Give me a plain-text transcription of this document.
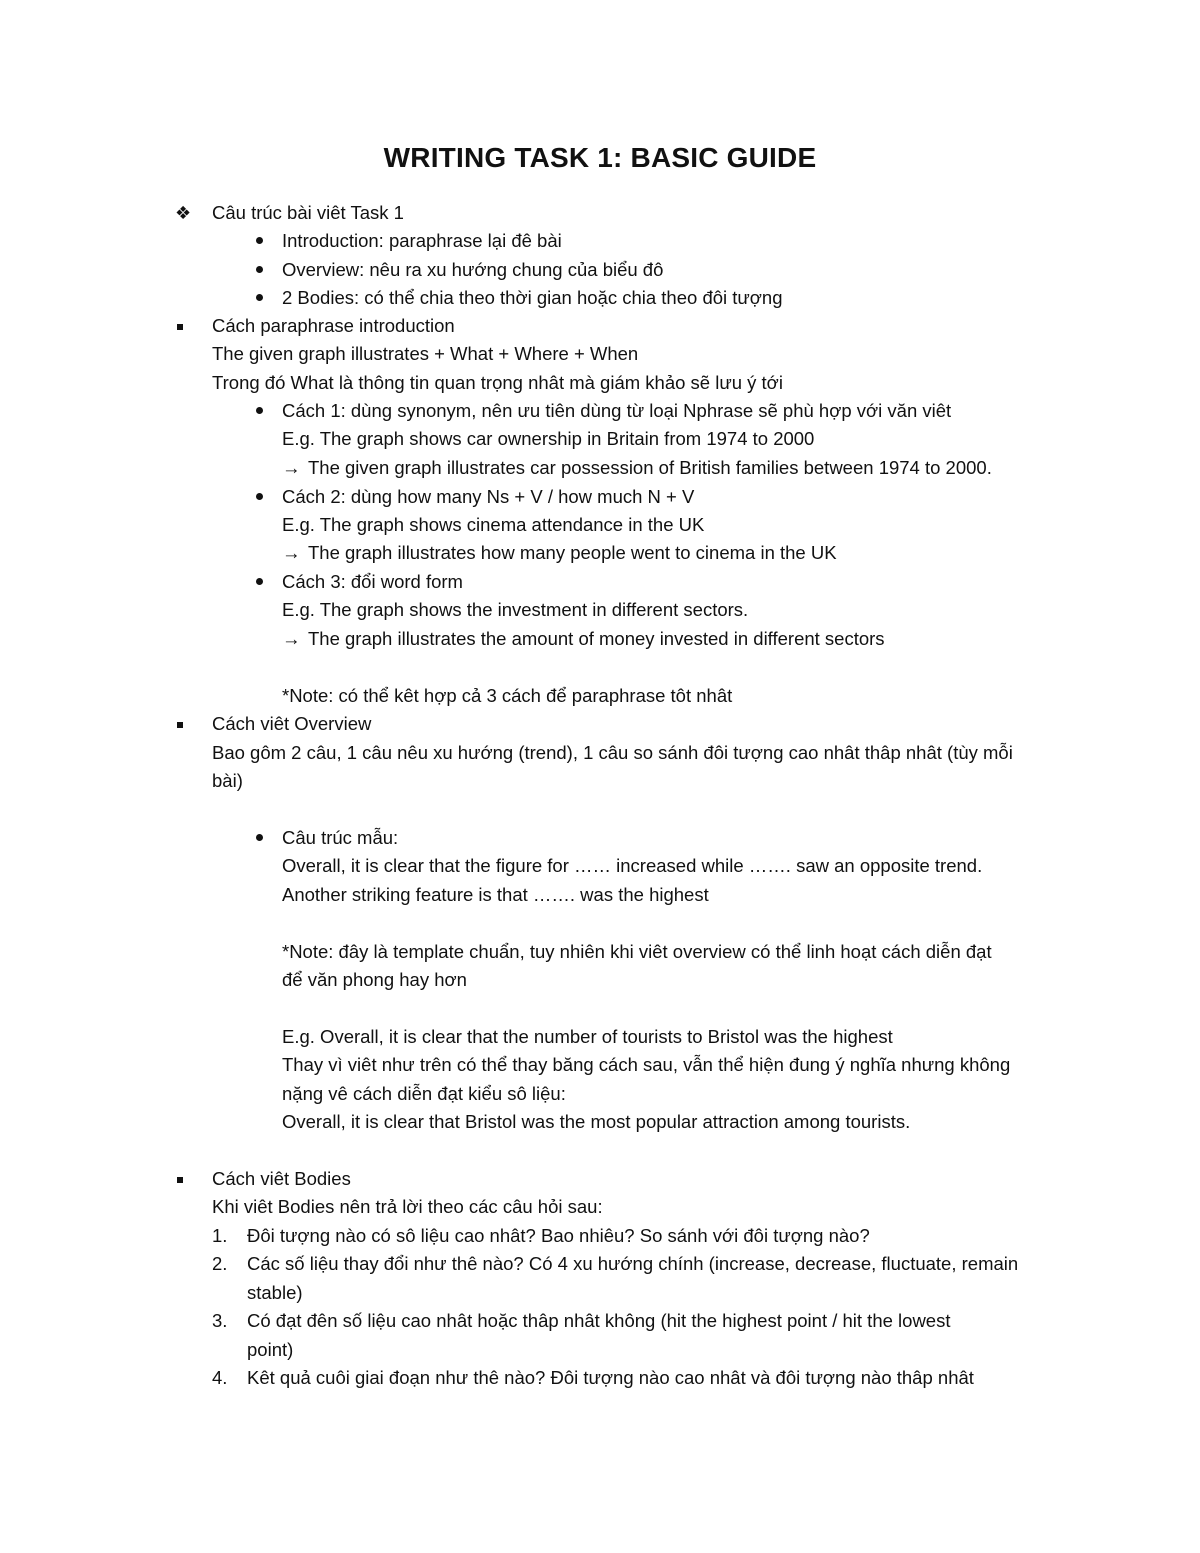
WRITING TASK 1: BASIC GUIDE
❖ Câu trúc bài viêt Task 1
Introduction: paraphrase lại đê bài
Overview: nêu ra xu hướng chung của biểu đô
2 Bodies: có thể chia theo thời gian hoặc chia theo đôi tượng
Cách paraphrase introduction
The given graph illustrates + What + Where + When
Trong đó What là thông tin quan trọng nhât mà giám khảo sẽ lưu ý tới
Cách 1: dùng synonym, nên ưu tiên dùng từ loại Nphrase sẽ phù hợp với văn viêt
E.g. The graph shows car ownership in Britain from 1974 to 2000
→ The given graph illustrates car possession of British families between 1974 to 2000.
Cách 2: dùng how many Ns + V / how much N + V
E.g. The graph shows cinema attendance in the UK
→ The graph illustrates how many people went to cinema in the UK
Cách 3: đổi word form
E.g. The graph shows the investment in different sectors.
→ The graph illustrates the amount of money invested in different sectors
*Note: có thể kêt hợp cả 3 cách để paraphrase tôt nhât
Cách viêt Overview
Bao gôm 2 câu, 1 câu nêu xu hướng (trend), 1 câu so sánh đôi tượng cao nhât thâp nhât (tùy mỗi
bài)
Câu trúc mẫu:
Overall, it is clear that the figure for …… increased while ……. saw an opposite trend.
Another striking feature is that ……. was the highest
*Note: đây là template chuẩn, tuy nhiên khi viêt overview có thể linh hoạt cách diễn đạt
để văn phong hay hơn
E.g. Overall, it is clear that the number of tourists to Bristol was the highest
Thay vì viêt như trên có thể thay băng cách sau, vẫn thể hiện đung ý nghĩa nhưng không
nặng vê cách diễn đạt kiểu sô liệu:
Overall, it is clear that Bristol was the most popular attraction among tourists.
Cách viêt Bodies
Khi viêt Bodies nên trả lời theo các câu hỏi sau:
1. Đôi tượng nào có sô liệu cao nhât? Bao nhiêu? So sánh với đôi tượng nào?
2. Các số liệu thay đổi như thê nào? Có 4 xu hướng chính (increase, decrease, fluctuate, remain
stable)
3. Có đạt đên số liệu cao nhât hoặc thâp nhât không (hit the highest point / hit the lowest
point)
4. Kêt quả cuôi giai đoạn như thê nào? Đôi tượng nào cao nhât và đôi tượng nào thâp nhât
